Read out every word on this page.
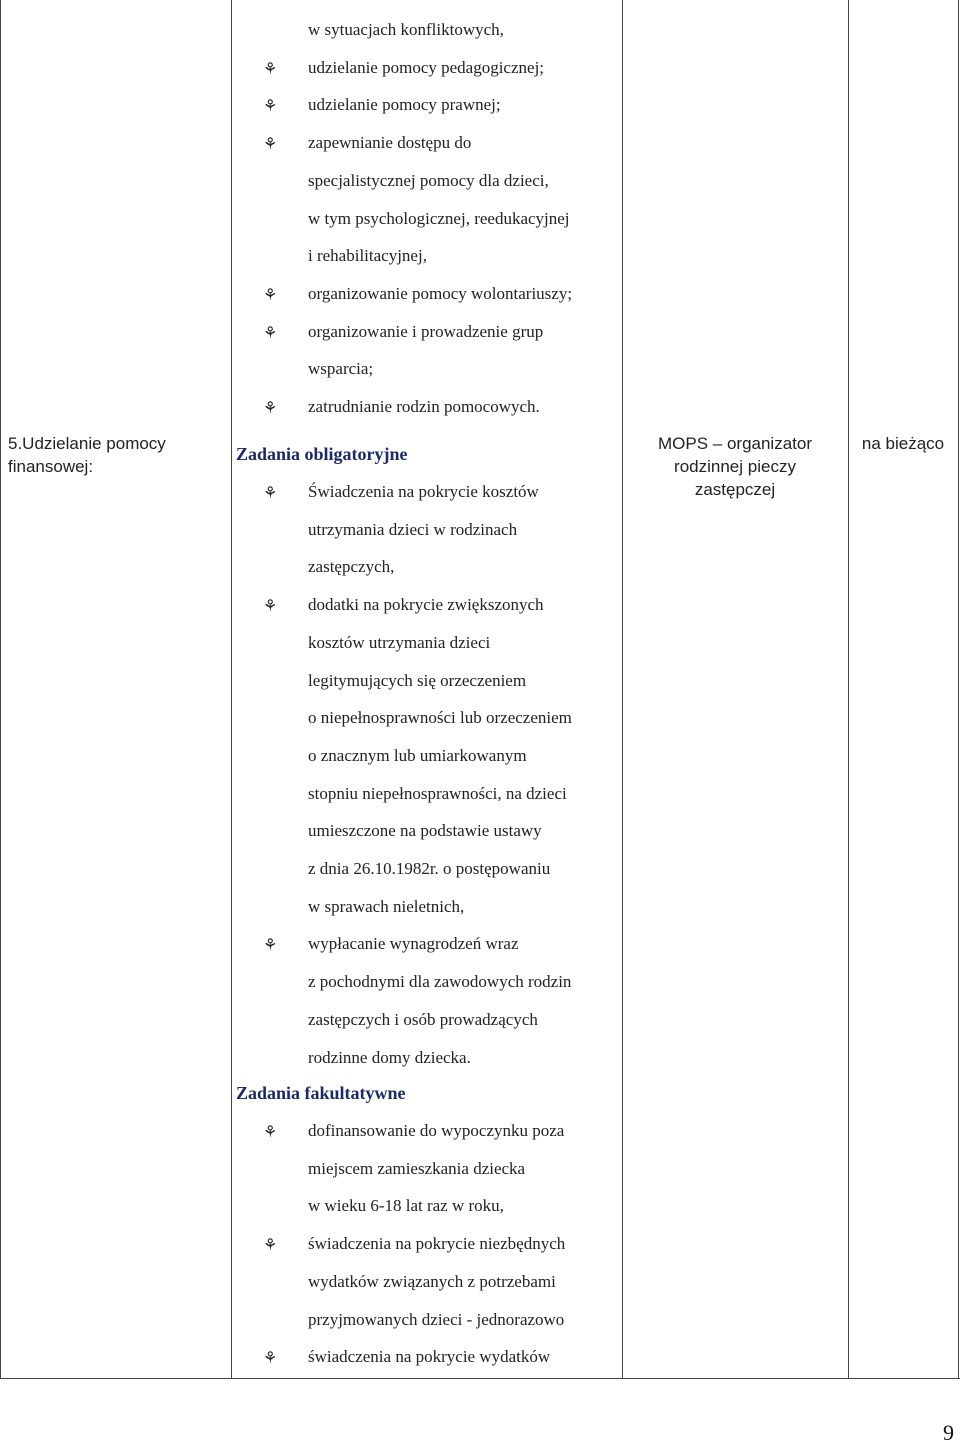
5.Udzielanie pomocy
finansowej:
MOPS – organizator
rodzinnej pieczy
zastępczej
na bieżąco
w sytuacjach konfliktowych,
⚘ udzielanie pomocy pedagogicznej;
⚘ udzielanie pomocy prawnej;
⚘ zapewnianie dostępu do
specjalistycznej pomocy dla dzieci,
w tym psychologicznej, reedukacyjnej
i rehabilitacyjnej,
⚘ organizowanie pomocy wolontariuszy;
⚘ organizowanie i prowadzenie grup
wsparcia;
⚘ zatrudnianie rodzin pomocowych.
⚘ Świadczenia na pokrycie kosztów
utrzymania dzieci w rodzinach
zastępczych,
⚘ dodatki na pokrycie zwiększonych
kosztów utrzymania dzieci
legitymujących się orzeczeniem
o niepełnosprawności lub orzeczeniem
o znacznym lub umiarkowanym
stopniu niepełnosprawności, na dzieci
umieszczone na podstawie ustawy
z dnia 26.10.1982r. o postępowaniu
w sprawach nieletnich,
⚘ wypłacanie wynagrodzeń wraz
z pochodnymi dla zawodowych rodzin
zastępczych i osób prowadzących
rodzinne domy dziecka.
⚘ dofinansowanie do wypoczynku poza
miejscem zamieszkania dziecka
w wieku 6-18 lat raz w roku,
⚘ świadczenia na pokrycie niezbędnych
wydatków związanych z potrzebami
przyjmowanych dzieci - jednorazowo
⚘ świadczenia na pokrycie wydatków
Zadania obligatoryjne
Zadania fakultatywne
9
